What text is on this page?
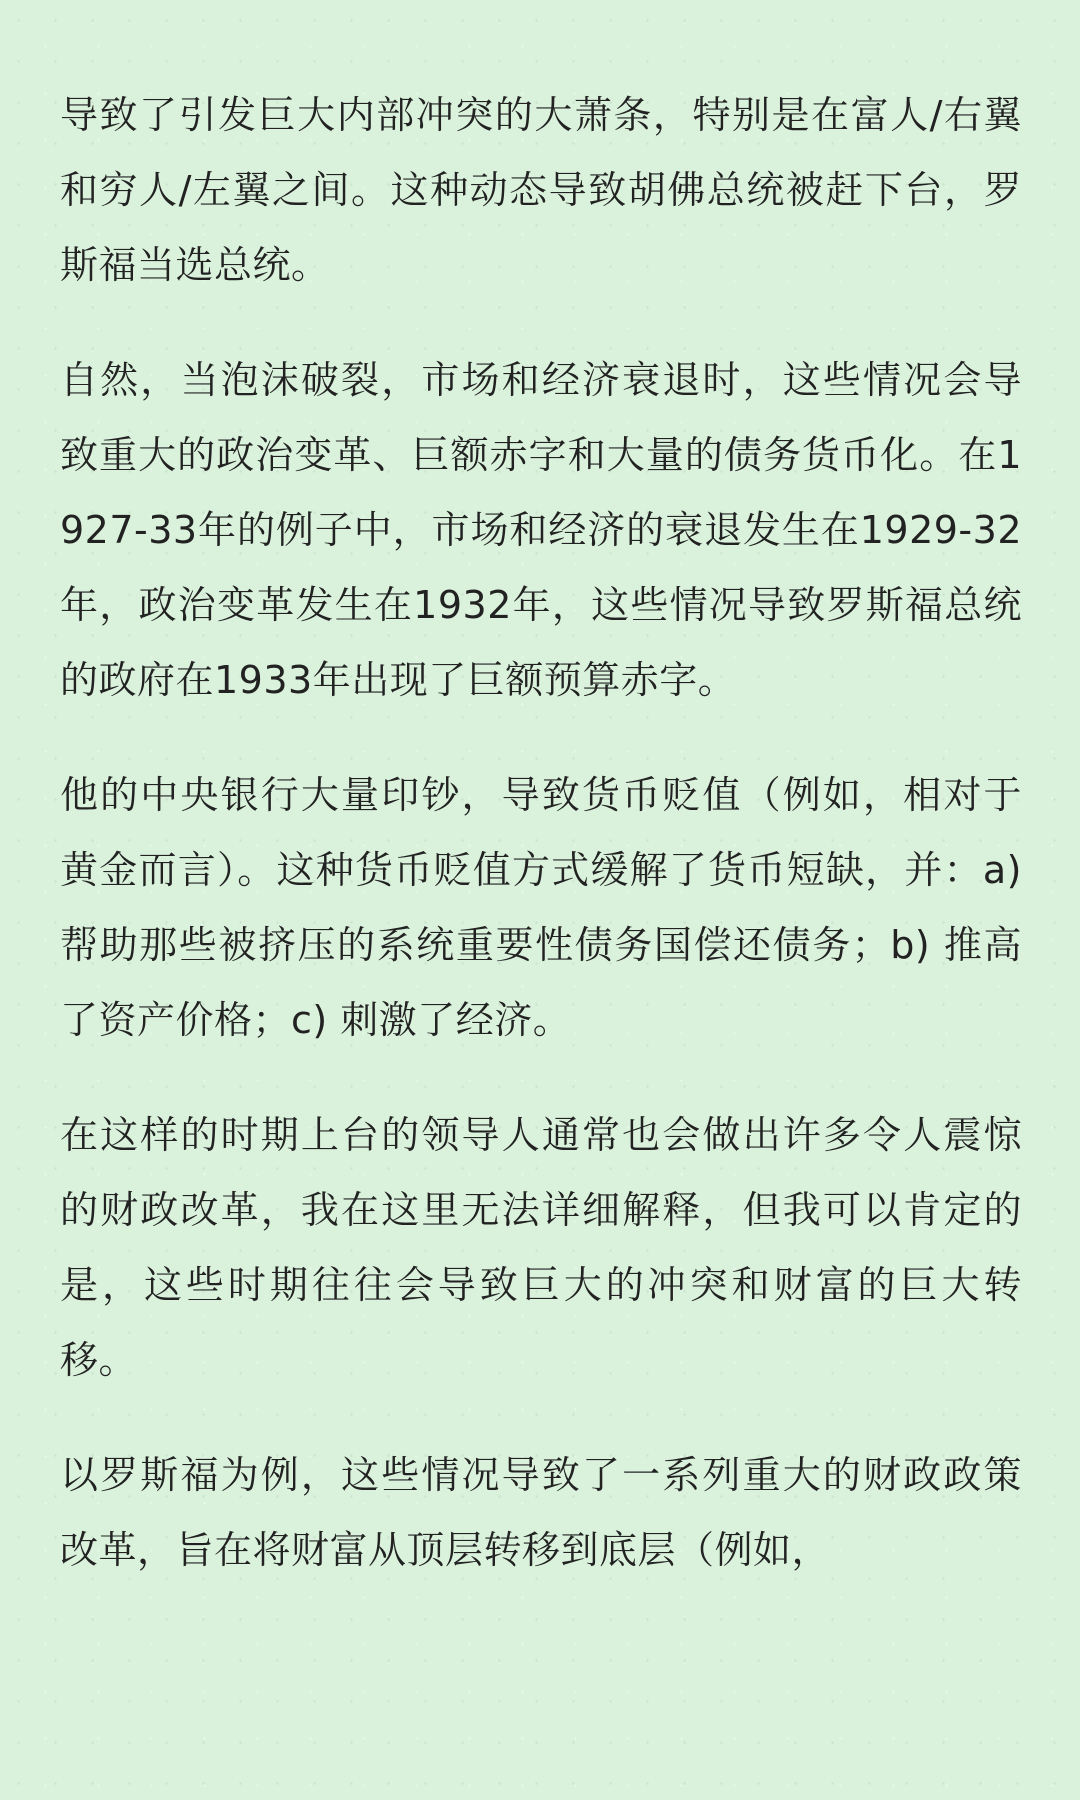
导致了引发巨大内部冲突的大萧条，特别是在富人/右翼和穷人/左翼之间。这种动态导致胡佛总统被赶下台，罗斯福当选总统。

自然，当泡沫破裂，市场和经济衰退时，这些情况会导致重大的政治变革、巨额赤字和大量的债务货币化。在1927-33年的例子中，市场和经济的衰退发生在1929-32年，政治变革发生在1932年，这些情况导致罗斯福总统的政府在1933年出现了巨额预算赤字。

他的中央银行大量印钞，导致货币贬值（例如，相对于黄金而言）。这种货币贬值方式缓解了货币短缺，并：a) 帮助那些被挤压的系统重要性债务国偿还债务；b) 推高了资产价格；c) 刺激了经济。

在这样的时期上台的领导人通常也会做出许多令人震惊的财政改革，我在这里无法详细解释，但我可以肯定的是，这些时期往往会导致巨大的冲突和财富的巨大转移。

以罗斯福为例，这些情况导致了一系列重大的财政政策改革，旨在将财富从顶层转移到底层（例如，
